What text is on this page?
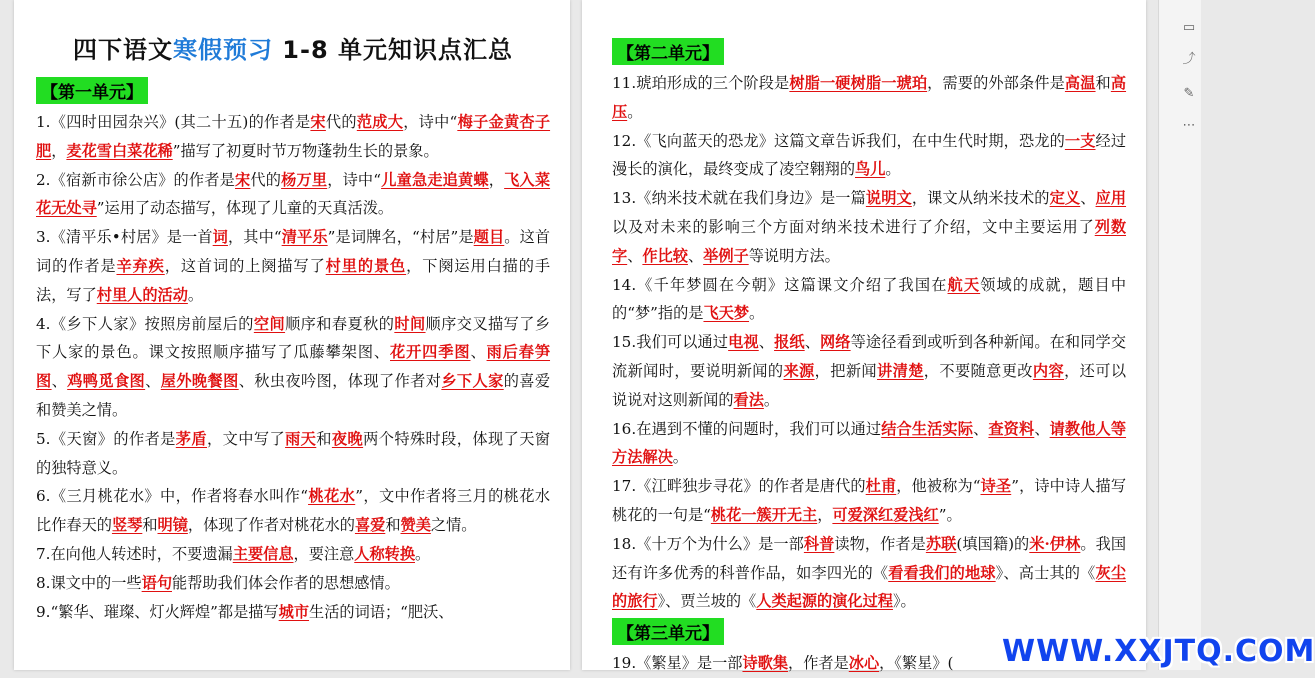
四下语文寒假预习 1-8 单元知识点汇总
【第一单元】

1.《四时田园杂兴》(其二十五)的作者是宋代的范成大，诗中“梅子金黄杏子肥，麦花雪白菜花稀”描写了初夏时节万物蓬勃生长的景象。

2.《宿新市徐公店》的作者是宋代的杨万里，诗中“儿童急走追黄蝶，飞入菜花无处寻”运用了动态描写，体现了儿童的天真活泼。

3.《清平乐•村居》是一首词，其中“清平乐”是词牌名，“村居”是题目。这首词的作者是辛弃疾，这首词的上阕描写了村里的景色，下阕运用白描的手法，写了村里人的活动。

4.《乡下人家》按照房前屋后的空间顺序和春夏秋的时间顺序交叉描写了乡下人家的景色。课文按照顺序描写了瓜藤攀架图、花开四季图、雨后春笋图、鸡鸭觅食图、屋外晚餐图、秋虫夜吟图，体现了作者对乡下人家的喜爱和赞美之情。

5.《天窗》的作者是茅盾，文中写了雨天和夜晚两个特殊时段，体现了天窗的独特意义。

6.《三月桃花水》中，作者将春水叫作“桃花水”，文中作者将三月的桃花水比作春天的竖琴和明镜，体现了作者对桃花水的喜爱和赞美之情。

7.在向他人转述时，不要遗漏主要信息，要注意人称转换。

8.课文中的一些语句能帮助我们体会作者的思想感情。

9.“繁华、璀璨、灯火辉煌”都是描写城市生活的词语；“肥沃、

【第二单元】

11.琥珀形成的三个阶段是树脂一硬树脂一琥珀，需要的外部条件是高温和高压。

12.《飞向蓝天的恐龙》这篇文章告诉我们，在中生代时期，恐龙的一支经过漫长的演化，最终变成了凌空翱翔的鸟儿。

13.《纳米技术就在我们身边》是一篇说明文，课文从纳米技术的定义、应用以及对未来的影响三个方面对纳米技术进行了介绍，文中主要运用了列数字、作比较、举例子等说明方法。

14.《千年梦圆在今朝》这篇课文介绍了我国在航天领域的成就，题目中的“梦”指的是飞天梦。

15.我们可以通过电视、报纸、网络等途径看到或听到各种新闻。在和同学交流新闻时，要说明新闻的来源，把新闻讲清楚，不要随意更改内容，还可以说说对这则新闻的看法。

16.在遇到不懂的问题时，我们可以通过结合生活实际、查资料、请教他人等方法解决。

17.《江畔独步寻花》的作者是唐代的杜甫，他被称为“诗圣”，诗中诗人描写桃花的一句是“桃花一簇开无主，可爱深红爱浅红”。

18.《十万个为什么》是一部科普读物，作者是苏联(填国籍)的米·伊林。我国还有许多优秀的科普作品，如李四光的《看看我们的地球》、高士其的《灰尘的旅行》、贾兰坡的《人类起源的演化过程》。

【第三单元】

19.《繁星》是一部诗歌集，作者是冰心，《繁星》(

▭
⤴
✎
⋯
WWW.XXJTQ.COM
